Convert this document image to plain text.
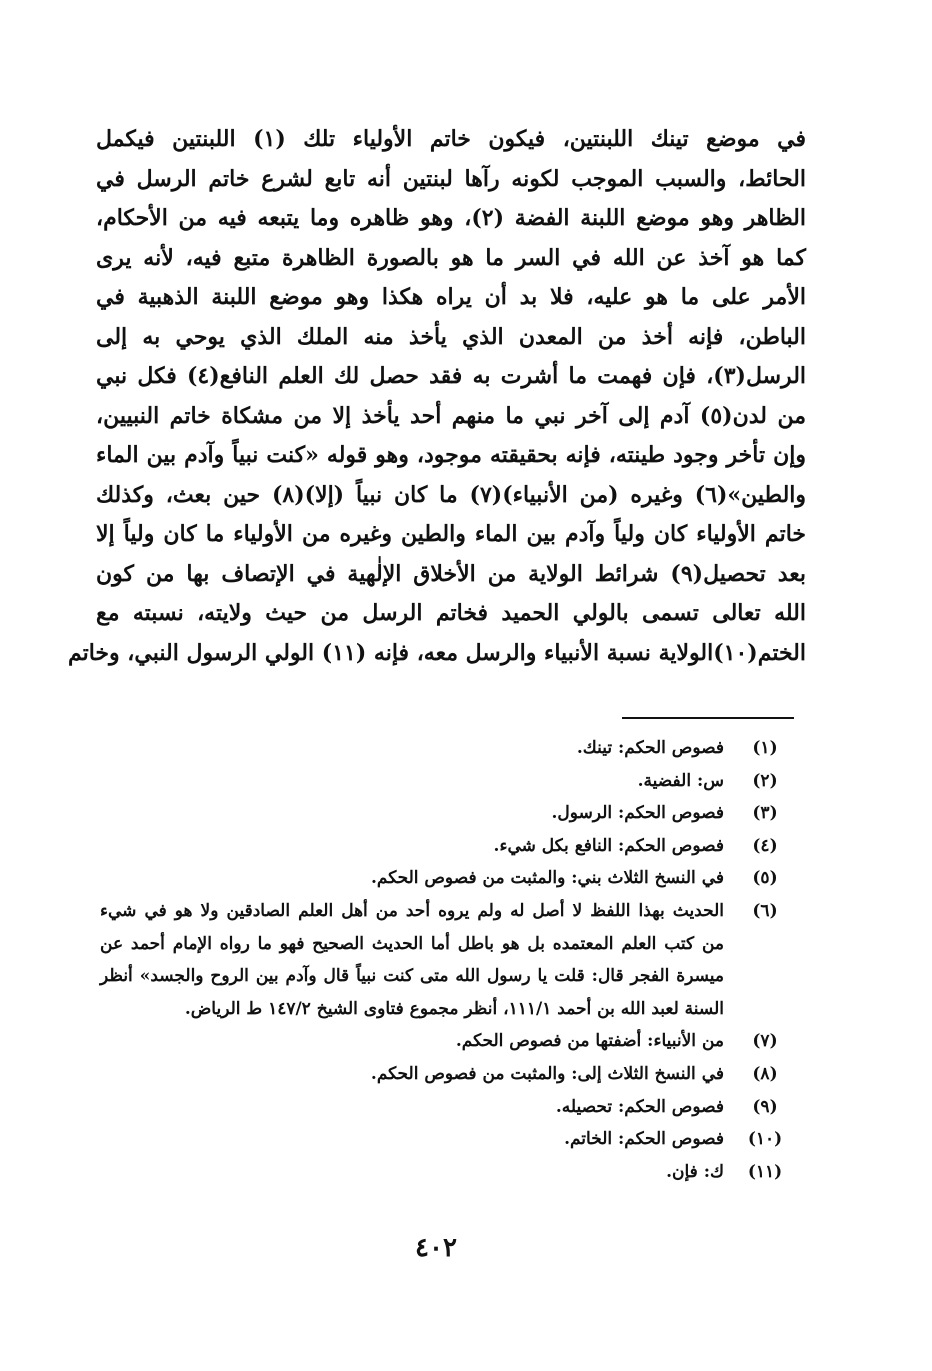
في موضع تينك اللبنتين، فيكون خاتم الأولياء تلك (١) اللبنتين فيكمل
الحائط، والسبب الموجب لكونه رآها لبنتين أنه تابع لشرع خاتم الرسل في
الظاهر وهو موضع اللبنة الفضة (٢)، وهو ظاهره وما يتبعه فيه من الأحكام،
كما هو آخذ عن الله في السر ما هو بالصورة الظاهرة متبع فيه، لأنه يرى
الأمر على ما هو عليه، فلا بد أن يراه هكذا وهو موضع اللبنة الذهبية في
الباطن، فإنه أخذ من المعدن الذي يأخذ منه الملك الذي يوحي به إلى
الرسل(٣)، فإن فهمت ما أشرت به فقد حصل لك العلم النافع(٤) فكل نبي
من لدن(٥) آدم إلى آخر نبي ما منهم أحد يأخذ إلا من مشكاة خاتم النبيين،
وإن تأخر وجود طينته، فإنه بحقيقته موجود، وهو قوله «كنت نبياً وآدم بين الماء
والطين»(٦) وغيره (من الأنبياء)(٧) ما كان نبياً (إلا)(٨) حين بعث، وكذلك
خاتم الأولياء كان ولياً وآدم بين الماء والطين وغيره من الأولياء ما كان ولياً إلا
بعد تحصيل(٩) شرائط الولاية من الأخلاق الإلٰهية في الإتصاف بها من كون
الله تعالى تسمى بالولي الحميد فخاتم الرسل من حيث ولايته، نسبته مع
الختم(١٠)الولاية نسبة الأنبياء والرسل معه، فإنه (١١) الولي الرسول النبي، وخاتم
(١)
فصوص الحكم: تينك.
(٢)
س: الفضية.
(٣)
فصوص الحكم: الرسول.
(٤)
فصوص الحكم: النافع بكل شيء.
(٥)
في النسخ الثلاث بني: والمثبت من فصوص الحكم.
(٦)
الحديث بهذا اللفظ لا أصل له ولم يروه أحد من أهل العلم الصادقين ولا هو في شيء
من كتب العلم المعتمده بل هو باطل أما الحديث الصحيح فهو ما رواه الإمام أحمد عن
ميسرة الفجر قال: قلت يا رسول الله متى كنت نبياً قال وآدم بين الروح والجسد» أنظر
السنة لعبد الله بن أحمد ١١١/١، أنظر مجموع فتاوى الشيخ ١٤٧/٢ ط الرياض.
(٧)
من الأنبياء: أضفتها من فصوص الحكم.
(٨)
في النسخ الثلاث إلى: والمثبت من فصوص الحكم.
(٩)
فصوص الحكم: تحصيله.
(١٠)
فصوص الحكم: الخاتم.
(١١)
ك: فإن.
٤٠٢
